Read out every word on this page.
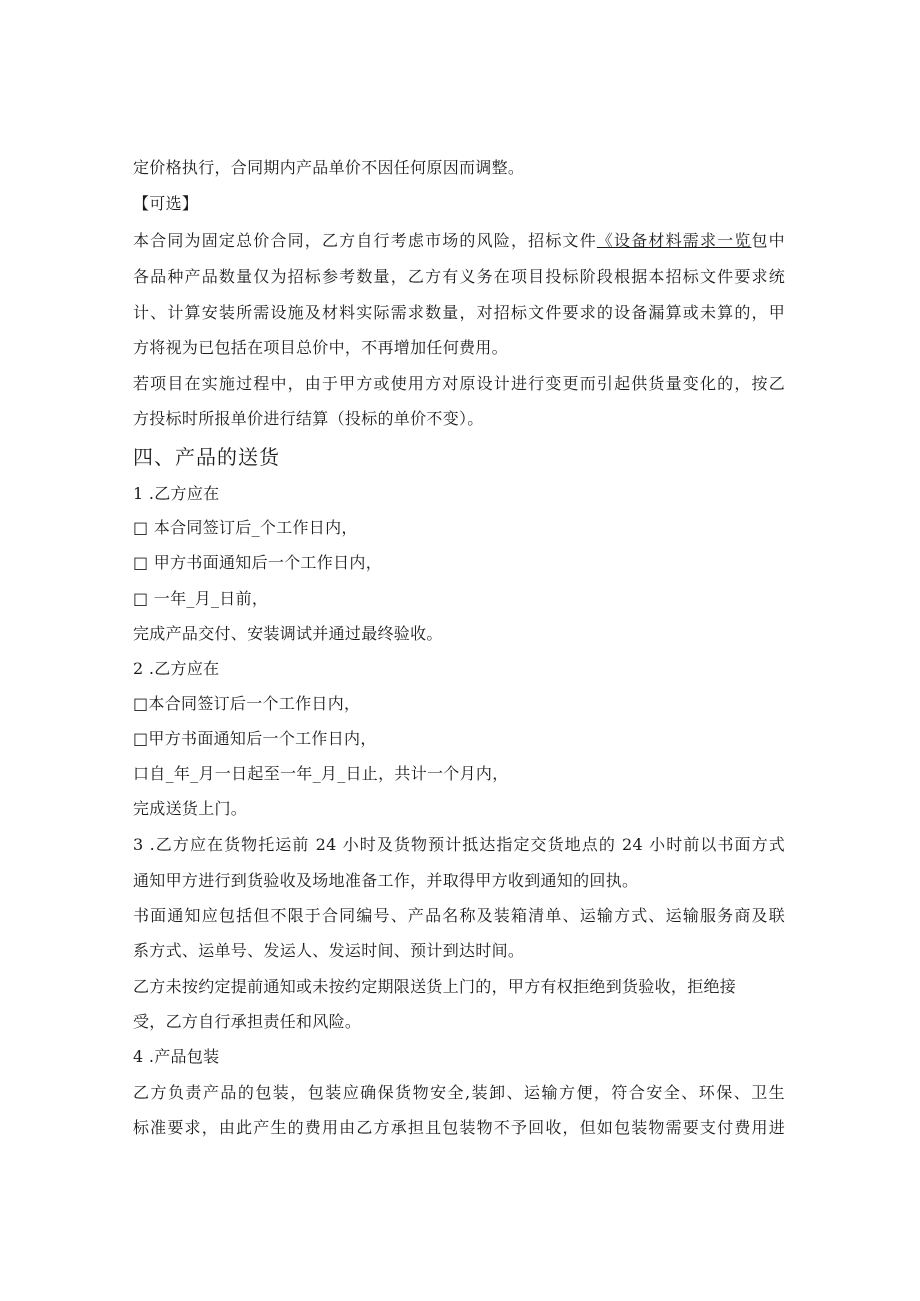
定价格执行，合同期内产品单价不因任何原因而调整。
【可选】
本合同为固定总价合同，乙方自行考虑市场的风险，招标文件《设备材料需求一览包中
各品种产品数量仅为招标参考数量，乙方有义务在项目投标阶段根据本招标文件要求统
计、计算安装所需设施及材料实际需求数量，对招标文件要求的设备漏算或未算的，甲
方将视为已包括在项目总价中，不再增加任何费用。
若项目在实施过程中，由于甲方或使用方对原设计进行变更而引起供货量变化的，按乙
方投标时所报单价进行结算（投标的单价不变）。
四、产品的送货
1 .乙方应在
□ 本合同签订后_个工作日内，
□ 甲方书面通知后一个工作日内，
□ 一年_月_日前，
完成产品交付、安装调试并通过最终验收。
2 .乙方应在
□本合同签订后一个工作日内，
□甲方书面通知后一个工作日内，
口自_年_月一日起至一年_月_日止，共计一个月内，
完成送货上门。
3 .乙方应在货物托运前 24 小时及货物预计抵达指定交货地点的 24 小时前以书面方式
通知甲方进行到货验收及场地准备工作，并取得甲方收到通知的回执。
书面通知应包括但不限于合同编号、产品名称及装箱清单、运输方式、运输服务商及联
系方式、运单号、发运人、发运时间、预计到达时间。
乙方未按约定提前通知或未按约定期限送货上门的，甲方有权拒绝到货验收，拒绝接
受，乙方自行承担责任和风险。
4 .产品包装
乙方负责产品的包装，包装应确保货物安全,装卸、运输方便，符合安全、环保、卫生
标准要求，由此产生的费用由乙方承担且包装物不予回收，但如包装物需要支付费用进
